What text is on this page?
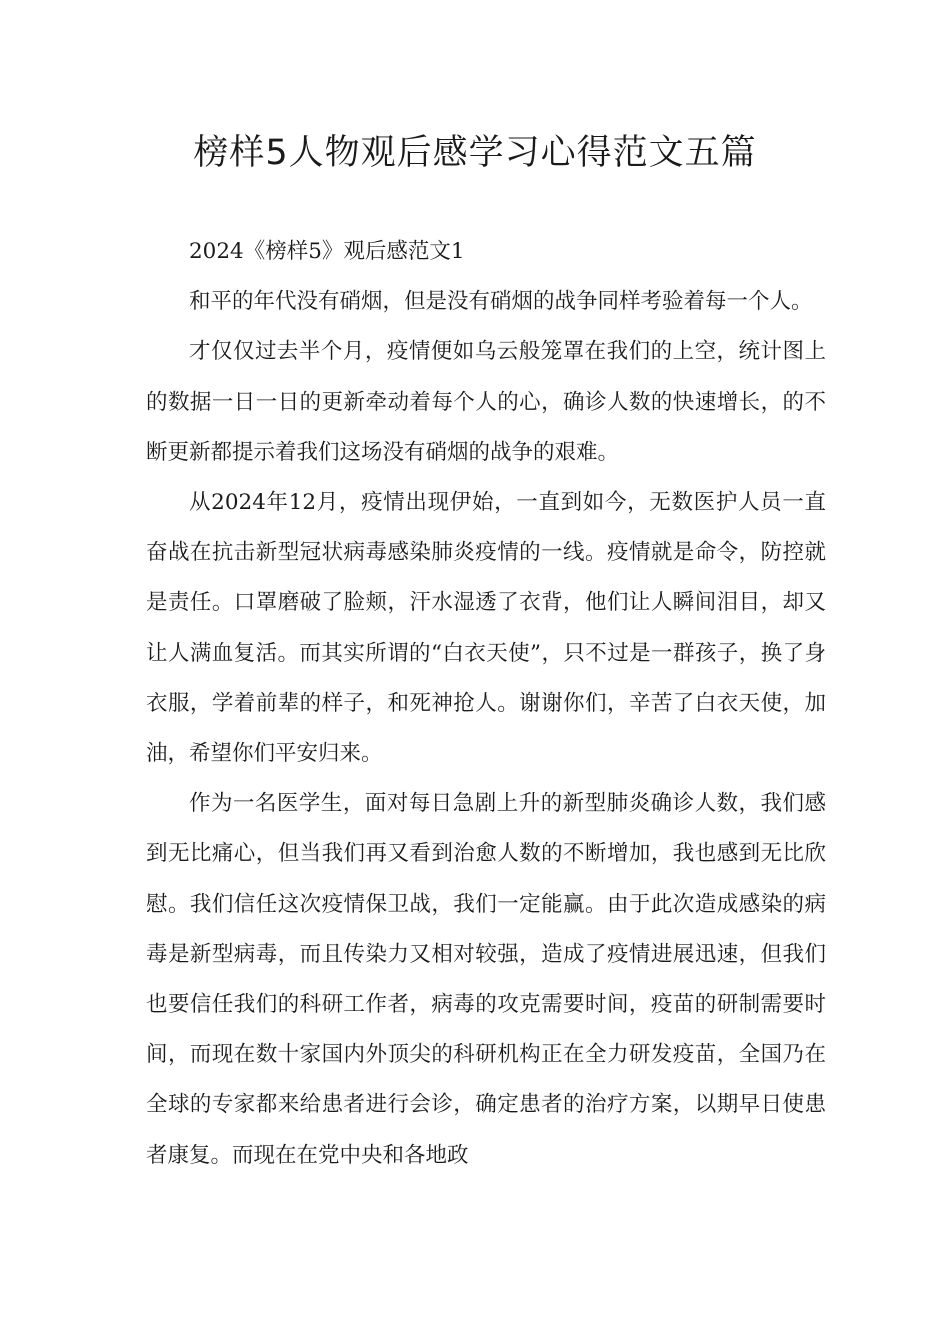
榜样5人物观后感学习心得范文五篇

2024《榜样5》观后感范文1

和平的年代没有硝烟，但是没有硝烟的战争同样考验着每一个人。

才仅仅过去半个月，疫情便如乌云般笼罩在我们的上空，统计图上的数据一日一日的更新牵动着每个人的心，确诊人数的快速增长，的不断更新都提示着我们这场没有硝烟的战争的艰难。

从2024年12月，疫情出现伊始，一直到如今，无数医护人员一直奋战在抗击新型冠状病毒感染肺炎疫情的一线。疫情就是命令，防控就是责任。口罩磨破了脸颊，汗水湿透了衣背，他们让人瞬间泪目，却又让人满血复活。而其实所谓的“白衣天使”，只不过是一群孩子，换了身衣服，学着前辈的样子，和死神抢人。谢谢你们，辛苦了白衣天使，加油，希望你们平安归来。

作为一名医学生，面对每日急剧上升的新型肺炎确诊人数，我们感到无比痛心，但当我们再又看到治愈人数的不断增加，我也感到无比欣慰。我们信任这次疫情保卫战，我们一定能赢。由于此次造成感染的病毒是新型病毒，而且传染力又相对较强，造成了疫情进展迅速，但我们也要信任我们的科研工作者，病毒的攻克需要时间，疫苗的研制需要时间，而现在数十家国内外顶尖的科研机构正在全力研发疫苗，全国乃在全球的专家都来给患者进行会诊，确定患者的治疗方案，以期早日使患者康复。而现在在党中央和各地政
